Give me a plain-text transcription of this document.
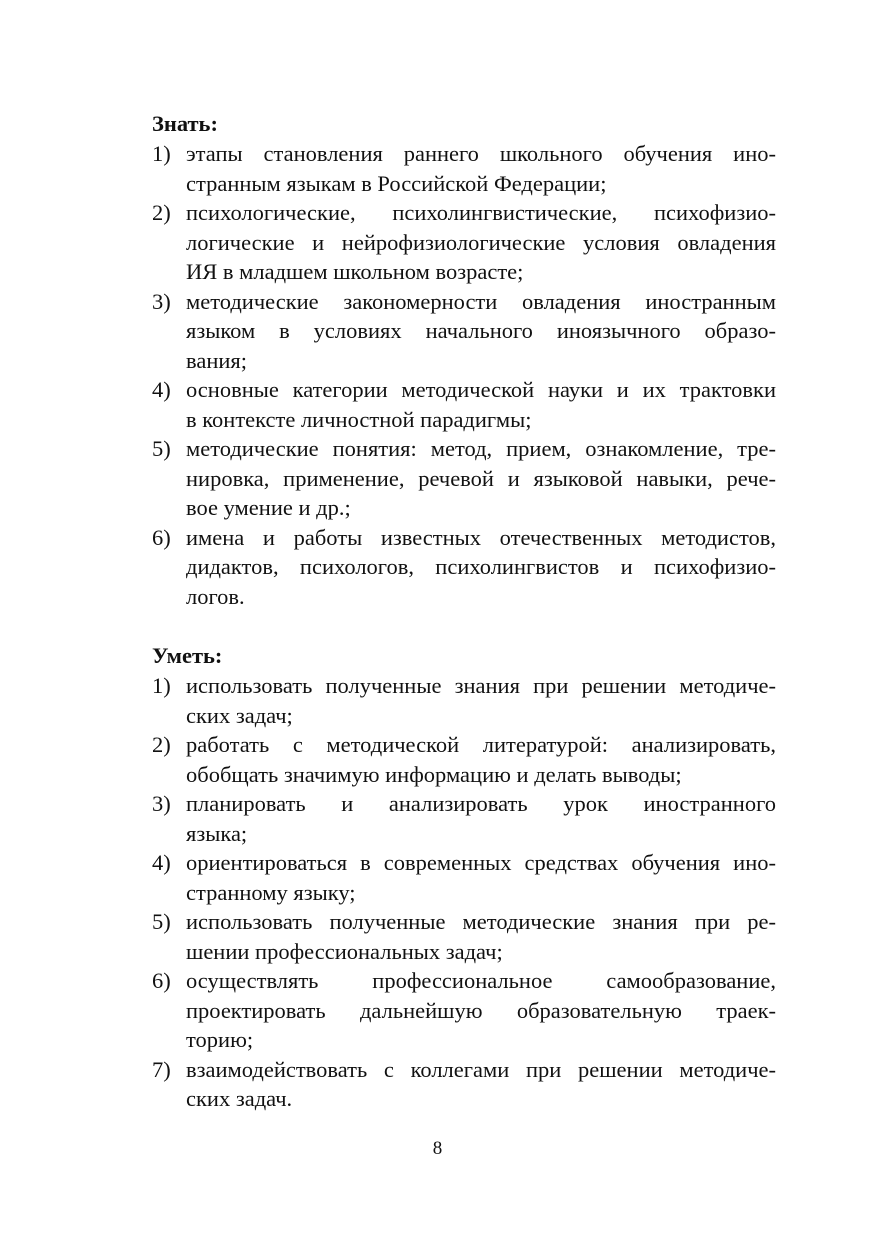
Знать:
1) этапы становления раннего школьного обучения ино-
странным языкам в Российской Федерации;
2) психологические, психолингвистические, психофизио-
логические и нейрофизиологические условия овладения
ИЯ в младшем школьном возрасте;
3) методические закономерности овладения иностранным
языком в условиях начального иноязычного образо-
вания;
4) основные категории методической науки и их трактовки
в контексте личностной парадигмы;
5) методические понятия: метод, прием, ознакомление, тре-
нировка, применение, речевой и языковой навыки, рече-
вое умение и др.;
6) имена и работы известных отечественных методистов,
дидактов, психологов, психолингвистов и психофизио-
логов.
Уметь:
1) использовать полученные знания при решении методиче-
ских задач;
2) работать с методической литературой: анализировать,
обобщать значимую информацию и делать выводы;
3) планировать и анализировать урок иностранного
языка;
4) ориентироваться в современных средствах обучения ино-
странному языку;
5) использовать полученные методические знания при ре-
шении профессиональных задач;
6) осуществлять профессиональное самообразование,
проектировать дальнейшую образовательную траек-
торию;
7) взаимодействовать с коллегами при решении методиче-
ских задач.
8
